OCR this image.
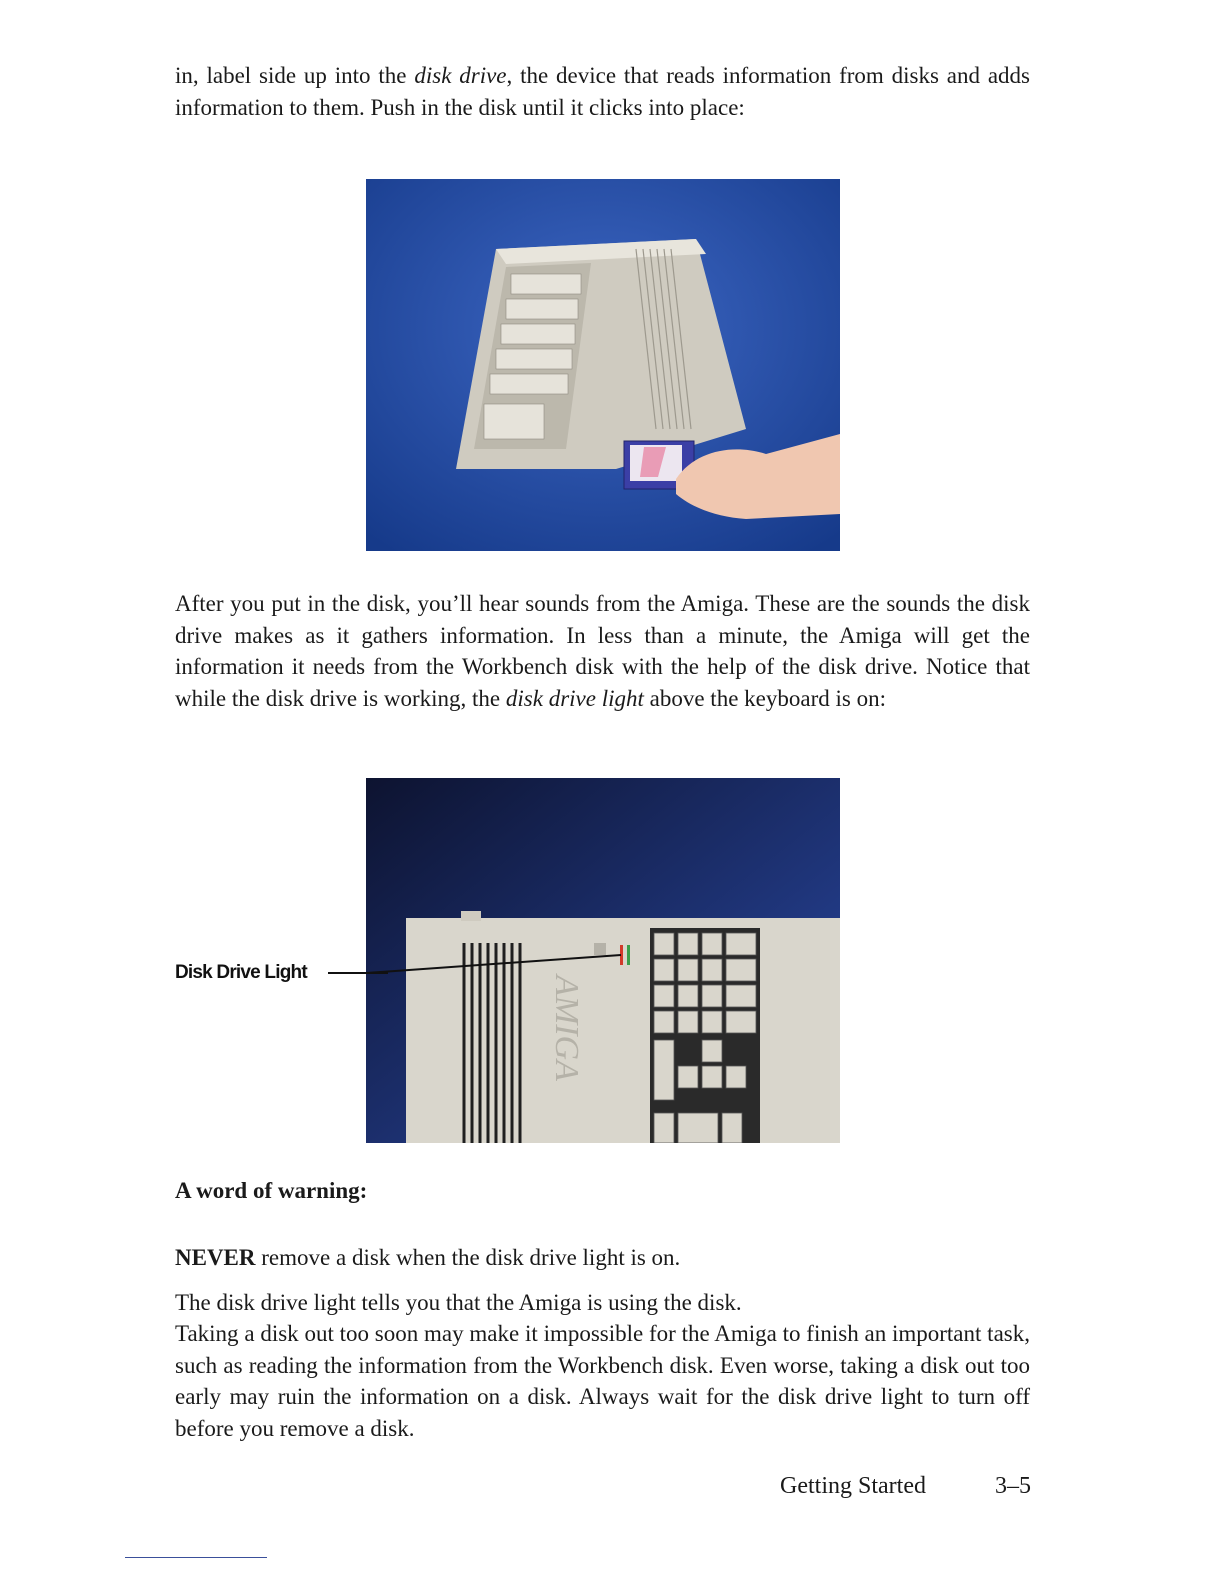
in, label side up into the disk drive, the device that reads information from disks and adds information to them. Push in the disk until it clicks into place:

After you put in the disk, you’ll hear sounds from the Amiga. These are the sounds the disk drive makes as it gathers information. In less than a minute, the Amiga will get the information it needs from the Workbench disk with the help of the disk drive. Notice that while the disk drive is working, the disk drive light above the keyboard is on:

AMIGA
Disk Drive Light
A word of warning:

NEVER remove a disk when the disk drive light is on.

The disk drive light tells you that the Amiga is using the disk.

Taking a disk out too soon may make it impossible for the Amiga to finish an important task, such as reading the information from the Workbench disk. Even worse, taking a disk out too early may ruin the information on a disk. Always wait for the disk drive light to turn off before you remove a disk.

Getting Started	3–5
